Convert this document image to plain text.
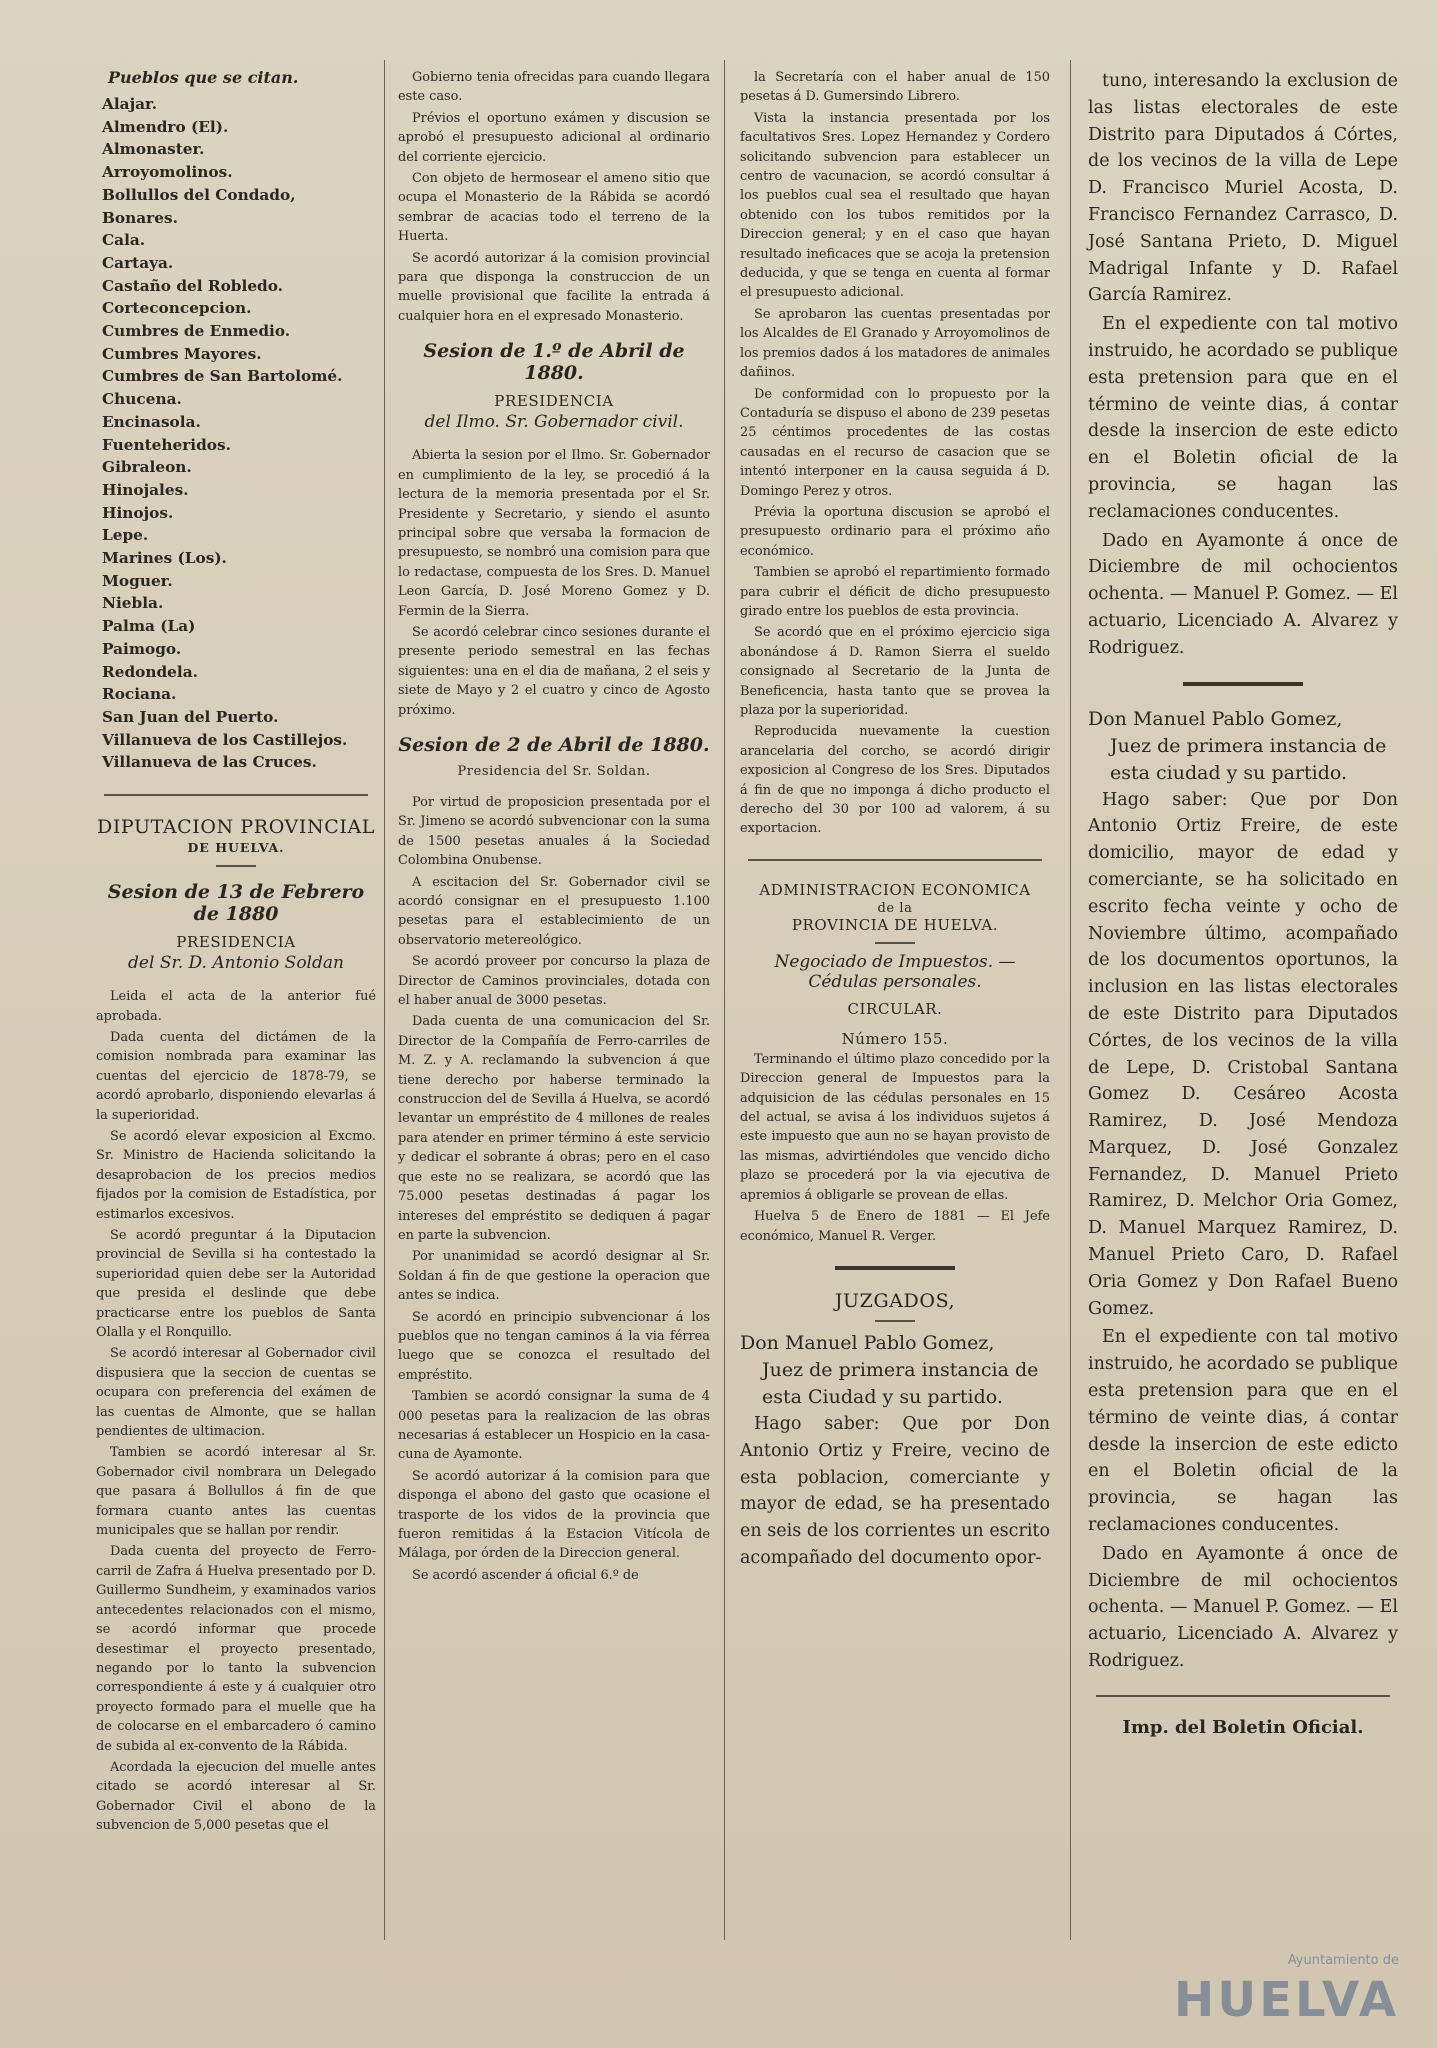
Pueblos que se citan.
Alajar.
Almendro (El).
Almonaster.
Arroyomolinos.
Bollullos del Condado,
Bonares.
Cala.
Cartaya.
Castaño del Robledo.
Corteconcepcion.
Cumbres de Enmedio.
Cumbres Mayores.
Cumbres de San Bartolomé.
Chucena.
Encinasola.
Fuenteheridos.
Gibraleon.
Hinojales.
Hinojos.
Lepe.
Marines (Los).
Moguer.
Niebla.
Palma (La)
Paimogo.
Redondela.
Rociana.
San Juan del Puerto.
Villanueva de los Castillejos.
Villanueva de las Cruces.
DIPUTACION PROVINCIAL
DE HUELVA.
Sesion de 13 de Febrero de 1880
PRESIDENCIA
del Sr. D. Antonio Soldan

Leida el acta de la anterior fué aprobada.

Dada cuenta del dictámen de la comision nombrada para examinar las cuentas del ejercicio de 1878-79, se acordó aprobarlo, disponiendo elevarlas á la superioridad.

Se acordó elevar exposicion al Excmo. Sr. Ministro de Hacienda solicitando la desaprobacion de los precios medios fijados por la comision de Estadística, por estimarlos excesivos.

Se acordó preguntar á la Diputacion provincial de Sevilla si ha contestado la superioridad quien debe ser la Autoridad que presida el deslinde que debe practicarse entre los pueblos de Santa Olalla y el Ronquillo.

Se acordó interesar al Gobernador civil dispusiera que la seccion de cuentas se ocupara con preferencia del exámen de las cuentas de Almonte, que se hallan pendientes de ultimacion.

Tambien se acordó interesar al Sr. Gobernador civil nombrara un Delegado que pasara á Bollullos á fin de que formara cuanto antes las cuentas municipales que se hallan por rendir.

Dada cuenta del proyecto de Ferro-carril de Zafra á Huelva presentado por D. Guillermo Sundheim, y examinados varios antecedentes relacionados con el mismo, se acordó informar que procede desestimar el proyecto presentado, negando por lo tanto la subvencion correspondiente á este y á cualquier otro proyecto formado para el muelle que ha de colocarse en el embarcadero ó camino de subida al ex-convento de la Rábida.

Acordada la ejecucion del muelle antes citado se acordó interesar al Sr. Gobernador Civil el abono de la subvencion de 5,000 pesetas que el

Gobierno tenia ofrecidas para cuando llegara este caso.

Prévios el oportuno exámen y discusion se aprobó el presupuesto adicional al ordinario del corriente ejercicio.

Con objeto de hermosear el ameno sitio que ocupa el Monasterio de la Rábida se acordó sembrar de acacias todo el terreno de la Huerta.

Se acordó autorizar á la comision provincial para que disponga la construccion de un muelle provisional que facilite la entrada á cualquier hora en el expresado Monasterio.

Sesion de 1.º de Abril de 1880.
PRESIDENCIA
del Ilmo. Sr. Gobernador civil.

Abierta la sesion por el Ilmo. Sr. Gobernador en cumplimiento de la ley, se procedió á la lectura de la memoria presentada por el Sr. Presidente y Secretario, y siendo el asunto principal sobre que versaba la formacion de presupuesto, se nombró una comision para que lo redactase, compuesta de los Sres. D. Manuel Leon García, D. José Moreno Gomez y D. Fermin de la Sierra.

Se acordó celebrar cinco sesiones durante el presente periodo semestral en las fechas siguientes: una en el dia de mañana, 2 el seis y siete de Mayo y 2 el cuatro y cinco de Agosto próximo.

Sesion de 2 de Abril de 1880.
Presidencia del Sr. Soldan.

Por virtud de proposicion presentada por el Sr. Jimeno se acordó subvencionar con la suma de 1500 pesetas anuales á la Sociedad Colombina Onubense.

A escitacion del Sr. Gobernador civil se acordó consignar en el presupuesto 1.100 pesetas para el establecimiento de un observatorio metereológico.

Se acordó proveer por concurso la plaza de Director de Caminos provinciales, dotada con el haber anual de 3000 pesetas.

Dada cuenta de una comunicacion del Sr. Director de la Compañía de Ferro-carriles de M. Z. y A. reclamando la subvencion á que tiene derecho por haberse terminado la construccion del de Sevilla á Huelva, se acordó levantar un empréstito de 4 millones de reales para atender en primer término á este servicio y dedicar el sobrante á obras; pero en el caso que este no se realizara, se acordó que las 75.000 pesetas destinadas á pagar los intereses del empréstito se dediquen á pagar en parte la subvencion.

Por unanimidad se acordó designar al Sr. Soldan á fin de que gestione la operacion que antes se indica.

Se acordó en principio subvencionar á los pueblos que no tengan caminos á la via férrea luego que se conozca el resultado del empréstito.

Tambien se acordó consignar la suma de 4 000 pesetas para la realizacion de las obras necesarias á establecer un Hospicio en la casa-cuna de Ayamonte.

Se acordó autorizar á la comision para que disponga el abono del gasto que ocasione el trasporte de los vidos de la provincia que fueron remitidas á la Estacion Vitícola de Málaga, por órden de la Direccion general.

Se acordó ascender á oficial 6.º de

la Secretaría con el haber anual de 150 pesetas á D. Gumersindo Librero.

Vista la instancia presentada por los facultativos Sres. Lopez Hernandez y Cordero solicitando subvencion para establecer un centro de vacunacion, se acordó consultar á los pueblos cual sea el resultado que hayan obtenido con los tubos remitidos por la Direccion general; y en el caso que hayan resultado ineficaces que se acoja la pretension deducida, y que se tenga en cuenta al formar el presupuesto adicional.

Se aprobaron las cuentas presentadas por los Alcaldes de El Granado y Arroyomolinos de los premios dados á los matadores de animales dañinos.

De conformidad con lo propuesto por la Contaduría se dispuso el abono de 239 pesetas 25 céntimos procedentes de las costas causadas en el recurso de casacion que se intentó interponer en la causa seguida á D. Domingo Perez y otros.

Prévia la oportuna discusion se aprobó el presupuesto ordinario para el próximo año económico.

Tambien se aprobó el repartimiento formado para cubrir el déficit de dicho presupuesto girado entre los pueblos de esta provincia.

Se acordó que en el próximo ejercicio siga abonándose á D. Ramon Sierra el sueldo consignado al Secretario de la Junta de Beneficencia, hasta tanto que se provea la plaza por la superioridad.

Reproducida nuevamente la cuestion arancelaria del corcho, se acordó dirigir exposicion al Congreso de los Sres. Diputados á fin de que no imponga á dicho producto el derecho del 30 por 100 ad valorem, á su exportacion.

ADMINISTRACION ECONOMICA
de la
PROVINCIA DE HUELVA.
Negociado de Impuestos. — Cédulas personales.
CIRCULAR.
Número 155.

Terminando el último plazo concedido por la Direccion general de Impuestos para la adquisicion de las cédulas personales en 15 del actual, se avisa á los individuos sujetos á este impuesto que aun no se hayan provisto de las mismas, advirtiéndoles que vencido dicho plazo se procederá por la via ejecutiva de apremios á obligarle se provean de ellas.

Huelva 5 de Enero de 1881 — El Jefe económico, Manuel R. Verger.

JUZGADOS,
Don Manuel Pablo Gomez,
Juez de primera instancia de esta Ciudad y su partido.

Hago saber: Que por Don Antonio Ortiz y Freire, vecino de esta poblacion, comerciante y mayor de edad, se ha presentado en seis de los corrientes un escrito acompañado del documento opor-

tuno, interesando la exclusion de las listas electorales de este Distrito para Diputados á Córtes, de los vecinos de la villa de Lepe D. Francisco Muriel Acosta, D. Francisco Fernandez Carrasco, D. José Santana Prieto, D. Miguel Madrigal Infante y D. Rafael García Ramirez.

En el expediente con tal motivo instruido, he acordado se publique esta pretension para que en el término de veinte dias, á contar desde la insercion de este edicto en el Boletin oficial de la provincia, se hagan las reclamaciones conducentes.

Dado en Ayamonte á once de Diciembre de mil ochocientos ochenta. — Manuel P. Gomez. — El actuario, Licenciado A. Alvarez y Rodriguez.

Don Manuel Pablo Gomez,
Juez de primera instancia de esta ciudad y su partido.

Hago saber: Que por Don Antonio Ortiz Freire, de este domicilio, mayor de edad y comerciante, se ha solicitado en escrito fecha veinte y ocho de Noviembre último, acompañado de los documentos oportunos, la inclusion en las listas electorales de este Distrito para Diputados Córtes, de los vecinos de la villa de Lepe, D. Cristobal Santana Gomez D. Cesáreo Acosta Ramirez, D. José Mendoza Marquez, D. José Gonzalez Fernandez, D. Manuel Prieto Ramirez, D. Melchor Oria Gomez, D. Manuel Marquez Ramirez, D. Manuel Prieto Caro, D. Rafael Oria Gomez y Don Rafael Bueno Gomez.

En el expediente con tal motivo instruido, he acordado se publique esta pretension para que en el término de veinte dias, á contar desde la insercion de este edicto en el Boletin oficial de la provincia, se hagan las reclamaciones conducentes.

Dado en Ayamonte á once de Diciembre de mil ochocientos ochenta. — Manuel P. Gomez. — El actuario, Licenciado A. Alvarez y Rodriguez.

Imp. del Boletin Oficial.
Ayuntamiento de
HUELVA
